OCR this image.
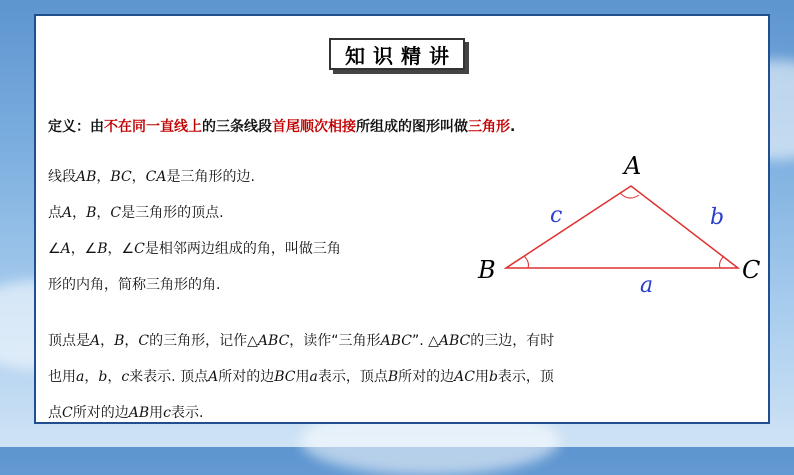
知识精讲
定义：由不在同一直线上的三条线段首尾顺次相接所组成的图形叫做三角形.
线段AB，BC，CA是三角形的边.
点A，B，C是三角形的顶点.
∠A，∠B，∠C是相邻两边组成的角，叫做三角
形的内角，简称三角形的角.
顶点是A，B，C的三角形，记作△ABC，读作“三角形ABC”. △ABC的三边，有时
也用a，b，c来表示. 顶点A所对的边BC用a表示，顶点B所对的边AC用b表示，顶
点C所对的边AB用c表示.
A
B	C
c	b
a
